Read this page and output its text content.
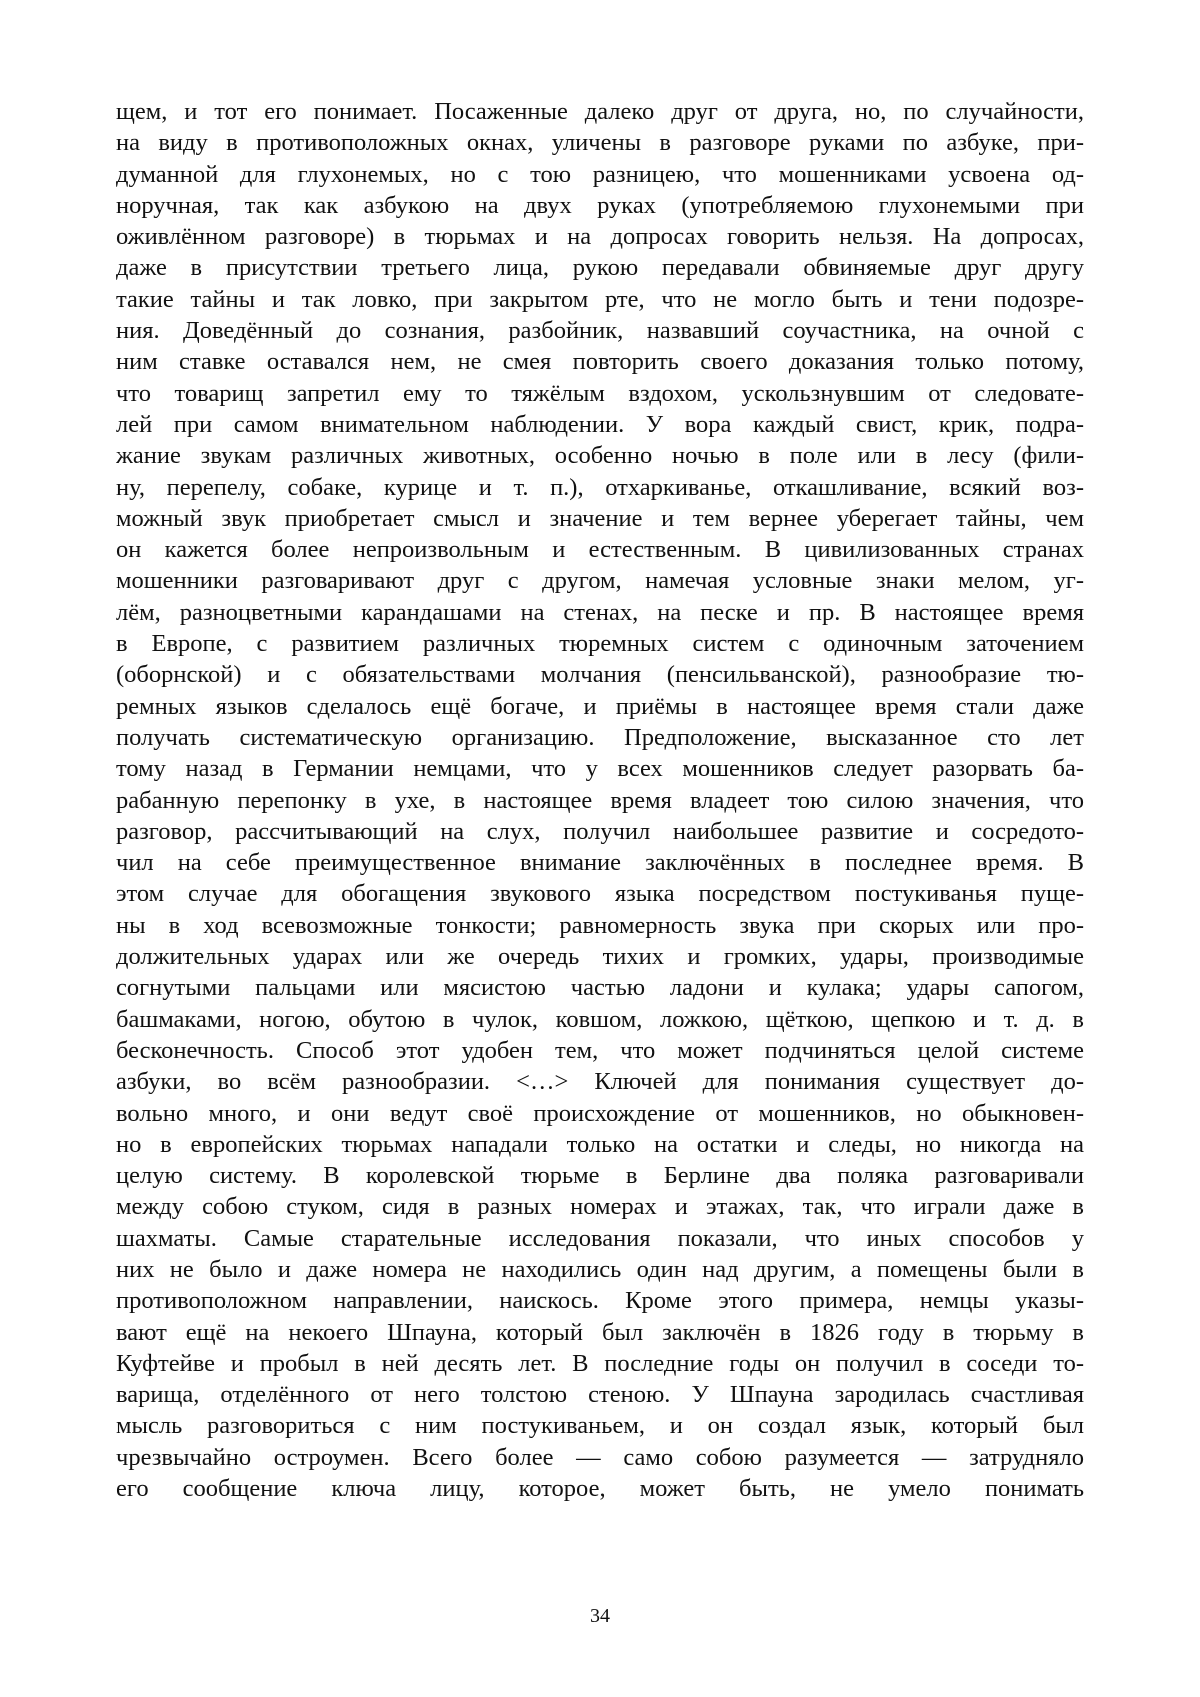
щем, и тот его понимает. Посаженные далеко друг от друга, но, по случайности,
на виду в противоположных окнах, уличены в разговоре руками по азбуке, при-
думанной для глухонемых, но с тою разницею, что мошенниками усвоена од-
норучная, так как азбукою на двух руках (употребляемою глухонемыми при
оживлённом разговоре) в тюрьмах и на допросах говорить нельзя. На допросах,
даже в присутствии третьего лица, рукою передавали обвиняемые друг другу
такие тайны и так ловко, при закрытом рте, что не могло быть и тени подозре-
ния. Доведённый до сознания, разбойник, назвавший соучастника, на очной с
ним ставке оставался нем, не смея повторить своего доказания только потому,
что товарищ запретил ему то тяжёлым вздохом, ускользнувшим от следовате-
лей при самом внимательном наблюдении. У вора каждый свист, крик, подра-
жание звукам различных животных, особенно ночью в поле или в лесу (фили-
ну, перепелу, собаке, курице и т. п.), отхаркиванье, откашливание, всякий воз-
можный звук приобретает смысл и значение и тем вернее уберегает тайны, чем
он кажется более непроизвольным и естественным. В цивилизованных странах
мошенники разговаривают друг с другом, намечая условные знаки мелом, уг-
лём, разноцветными карандашами на стенах, на песке и пр. В настоящее время
в Европе, с развитием различных тюремных систем с одиночным заточением
(оборнской) и с обязательствами молчания (пенсильванской), разнообразие тю-
ремных языков сделалось ещё богаче, и приёмы в настоящее время стали даже
получать систематическую организацию. Предположение, высказанное сто лет
тому назад в Германии немцами, что у всех мошенников следует разорвать ба-
рабанную перепонку в ухе, в настоящее время владеет тою силою значения, что
разговор, рассчитывающий на слух, получил наибольшее развитие и сосредото-
чил на себе преимущественное внимание заключённых в последнее время. В
этом случае для обогащения звукового языка посредством постукиванья пуще-
ны в ход всевозможные тонкости; равномерность звука при скорых или про-
должительных ударах или же очередь тихих и громких, удары, производимые
согнутыми пальцами или мясистою частью ладони и кулака; удары сапогом,
башмаками, ногою, обутою в чулок, ковшом, ложкою, щёткою, щепкою и т. д. в
бесконечность. Способ этот удобен тем, что может подчиняться целой системе
азбуки, во всём разнообразии. <…> Ключей для понимания существует до-
вольно много, и они ведут своё происхождение от мошенников, но обыкновен-
но в европейских тюрьмах нападали только на остатки и следы, но никогда на
целую систему. В королевской тюрьме в Берлине два поляка разговаривали
между собою стуком, сидя в разных номерах и этажах, так, что играли даже в
шахматы. Самые старательные исследования показали, что иных способов у
них не было и даже номера не находились один над другим, а помещены были в
противоположном направлении, наискось. Кроме этого примера, немцы указы-
вают ещё на некоего Шпауна, который был заключён в 1826 году в тюрьму в
Куфтейве и пробыл в ней десять лет. В последние годы он получил в соседи то-
варища, отделённого от него толстою стеною. У Шпауна зародилась счастливая
мысль разговориться с ним постукиваньем, и он создал язык, который был
чрезвычайно остроумен. Всего более — само собою разумеется — затрудняло
его сообщение ключа лицу, которое, может быть, не умело понимать
34
